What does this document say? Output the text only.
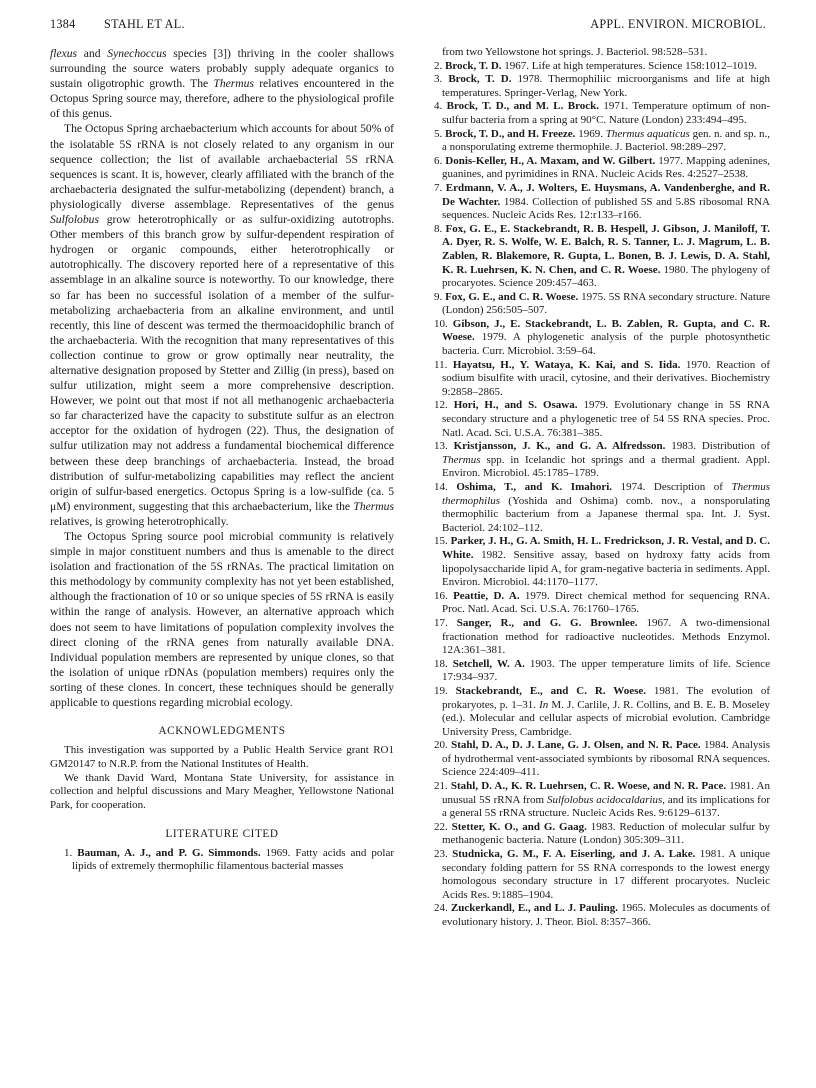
1384 STAHL ET AL.	APPL. ENVIRON. MICROBIOL.

flexus and Synechoccus species [3]) thriving in the cooler shallows surrounding the source waters probably supply adequate organics to sustain oligotrophic growth. The Thermus relatives encountered in the Octopus Spring source may, therefore, adhere to the physiological profile of this genus.

The Octopus Spring archaebacterium which accounts for about 50% of the isolatable 5S rRNA is not closely related to any organism in our sequence collection; the list of available archaebacterial 5S rRNA sequences is scant. It is, however, clearly affiliated with the branch of the archaebacteria designated the sulfur-metabolizing (dependent) branch, a physiologically diverse assemblage. Representatives of the genus Sulfolobus grow heterotrophically or as sulfur-oxidizing autotrophs. Other members of this branch grow by sulfur-dependent respiration of hydrogen or organic compounds, either heterotrophically or autotrophically. The discovery reported here of a representative of this assemblage in an alkaline source is noteworthy. To our knowledge, there so far has been no successful isolation of a member of the sulfur-metabolizing archaebacteria from an alkaline environment, and until recently, this line of descent was termed the thermoacidophilic branch of the archaebacteria. With the recognition that many representatives of this collection continue to grow or grow optimally near neutrality, the alternative designation proposed by Stetter and Zillig (in press), based on sulfur utilization, might seem a more comprehensive description. However, we point out that most if not all methanogenic archaebacteria so far characterized have the capacity to substitute sulfur as an electron acceptor for the oxidation of hydrogen (22). Thus, the designation of sulfur utilization may not address a fundamental biochemical difference between these deep branchings of archaebacteria. Instead, the broad distribution of sulfur-metabolizing capabilities may reflect the ancient origin of sulfur-based energetics. Octopus Spring is a low-sulfide (ca. 5 μM) environment, suggesting that this archaebacterium, like the Thermus relatives, is growing heterotrophically.

The Octopus Spring source pool microbial community is relatively simple in major constituent numbers and thus is amenable to the direct isolation and fractionation of the 5S rRNAs. The practical limitation on this methodology by community complexity has not yet been established, although the fractionation of 10 or so unique species of 5S rRNA is easily within the range of analysis. However, an alternative approach which does not seem to have limitations of population complexity involves the direct cloning of the rRNA genes from naturally available DNA. Individual population members are represented by unique clones, so that the isolation of unique rDNAs (population members) requires only the sorting of these clones. In concert, these techniques should be generally applicable to questions regarding microbial ecology.

ACKNOWLEDGMENTS

This investigation was supported by a Public Health Service grant RO1 GM20147 to N.R.P. from the National Institutes of Health.

We thank David Ward, Montana State University, for assistance in collection and helpful discussions and Mary Meagher, Yellowstone National Park, for cooperation.

LITERATURE CITED

1. Bauman, A. J., and P. G. Simmonds. 1969. Fatty acids and polar lipids of extremely thermophilic filamentous bacterial masses

from two Yellowstone hot springs. J. Bacteriol. 98:528–531.

2. Brock, T. D. 1967. Life at high temperatures. Science 158:1012–1019.

3. Brock, T. D. 1978. Thermophiliic microorganisms and life at high temperatures. Springer-Verlag, New York.

4. Brock, T. D., and M. L. Brock. 1971. Temperature optimum of non-sulfur bacteria from a spring at 90°C. Nature (London) 233:494–495.

5. Brock, T. D., and H. Freeze. 1969. Thermus aquaticus gen. n. and sp. n., a nonsporulating extreme thermophile. J. Bacteriol. 98:289–297.

6. Donis-Keller, H., A. Maxam, and W. Gilbert. 1977. Mapping adenines, guanines, and pyrimidines in RNA. Nucleic Acids Res. 4:2527–2538.

7. Erdmann, V. A., J. Wolters, E. Huysmans, A. Vandenberghe, and R. De Wachter. 1984. Collection of published 5S and 5.8S ribosomal RNA sequences. Nucleic Acids Res. 12:r133–r166.

8. Fox, G. E., E. Stackebrandt, R. B. Hespell, J. Gibson, J. Maniloff, T. A. Dyer, R. S. Wolfe, W. E. Balch, R. S. Tanner, L. J. Magrum, L. B. Zablen, R. Blakemore, R. Gupta, L. Bonen, B. J. Lewis, D. A. Stahl, K. R. Luehrsen, K. N. Chen, and C. R. Woese. 1980. The phylogeny of procaryotes. Science 209:457–463.

9. Fox, G. E., and C. R. Woese. 1975. 5S RNA secondary structure. Nature (London) 256:505–507.

10. Gibson, J., E. Stackebrandt, L. B. Zablen, R. Gupta, and C. R. Woese. 1979. A phylogenetic analysis of the purple photosynthetic bacteria. Curr. Microbiol. 3:59–64.

11. Hayatsu, H., Y. Wataya, K. Kai, and S. Iida. 1970. Reaction of sodium bisulfite with uracil, cytosine, and their derivatives. Biochemistry 9:2858–2865.

12. Hori, H., and S. Osawa. 1979. Evolutionary change in 5S RNA secondary structure and a phylogenetic tree of 54 5S RNA species. Proc. Natl. Acad. Sci. U.S.A. 76:381–385.

13. Kristjansson, J. K., and G. A. Alfredsson. 1983. Distribution of Thermus spp. in Icelandic hot springs and a thermal gradient. Appl. Environ. Microbiol. 45:1785–1789.

14. Oshima, T., and K. Imahori. 1974. Description of Thermus thermophilus (Yoshida and Oshima) comb. nov., a nonsporulating thermophilic bacterium from a Japanese thermal spa. Int. J. Syst. Bacteriol. 24:102–112.

15. Parker, J. H., G. A. Smith, H. L. Fredrickson, J. R. Vestal, and D. C. White. 1982. Sensitive assay, based on hydroxy fatty acids from lipopolysaccharide lipid A, for gram-negative bacteria in sediments. Appl. Environ. Microbiol. 44:1170–1177.

16. Peattie, D. A. 1979. Direct chemical method for sequencing RNA. Proc. Natl. Acad. Sci. U.S.A. 76:1760–1765.

17. Sanger, R., and G. G. Brownlee. 1967. A two-dimensional fractionation method for radioactive nucleotides. Methods Enzymol. 12A:361–381.

18. Setchell, W. A. 1903. The upper temperature limits of life. Science 17:934–937.

19. Stackebrandt, E., and C. R. Woese. 1981. The evolution of prokaryotes, p. 1–31. In M. J. Carlile, J. R. Collins, and B. E. B. Moseley (ed.). Molecular and cellular aspects of microbial evolution. Cambridge University Press, Cambridge.

20. Stahl, D. A., D. J. Lane, G. J. Olsen, and N. R. Pace. 1984. Analysis of hydrothermal vent-associated symbionts by ribosomal RNA sequences. Science 224:409–411.

21. Stahl, D. A., K. R. Luehrsen, C. R. Woese, and N. R. Pace. 1981. An unusual 5S rRNA from Sulfolobus acidocaldarius, and its implications for a general 5S rRNA structure. Nucleic Acids Res. 9:6129–6137.

22. Stetter, K. O., and G. Gaag. 1983. Reduction of molecular sulfur by methanogenic bacteria. Nature (London) 305:309–311.

23. Studnicka, G. M., F. A. Eiserling, and J. A. Lake. 1981. A unique secondary folding pattern for 5S RNA corresponds to the lowest energy homologous secondary structure in 17 different procaryotes. Nucleic Acids Res. 9:1885–1904.

24. Zuckerkandl, E., and L. J. Pauling. 1965. Molecules as documents of evolutionary history. J. Theor. Biol. 8:357–366.
